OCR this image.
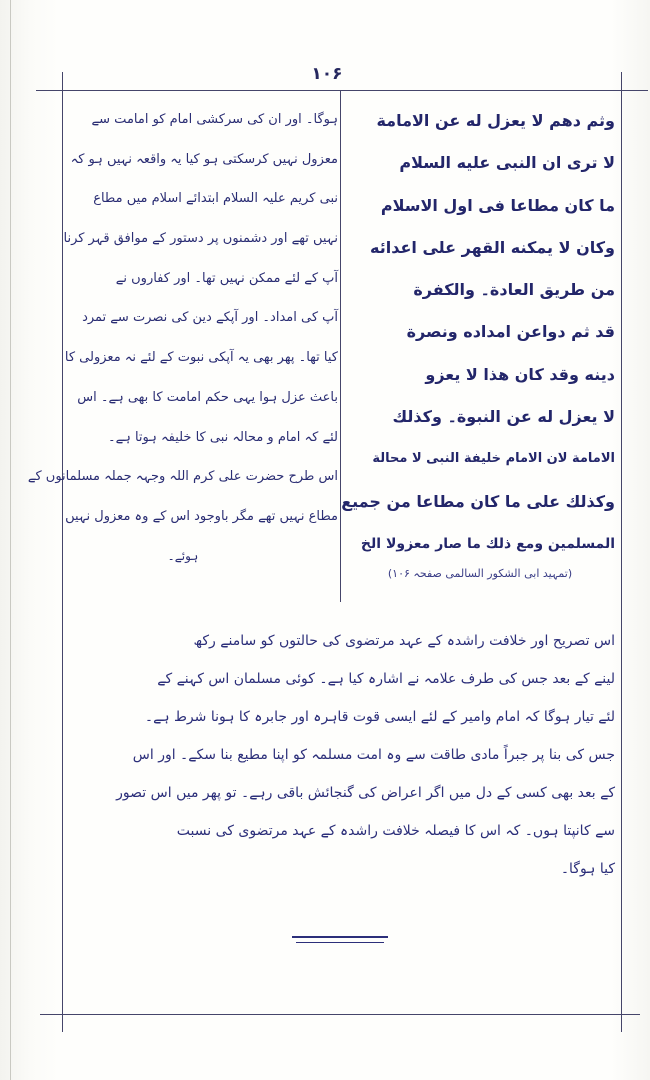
۱۰۶
وثم دهم لا یعزل له عن الامامة
لا تری ان النبی علیه السلام
ما کان مطاعا فی اول الاسلام
وکان لا یمکنه القهر علی اعدائه
من طریق العادة۔ والکفرة
قد ثم دواعن امداده ونصرة
دینه وقد کان هذا لا یعزو
لا یعزل له عن النبوة۔ وکذلك
الامامة لان الامام خلیفة النبی لا محالة
وکذلك علی ما کان مطاعا من جمیع
المسلمین ومع ذلك ما صار معزولا الخ
(تمہید ابی الشکور السالمی صفحہ ۱۰۶)
ہوگا۔ اور ان کی سرکشی امام کو امامت سے
معزول نہیں کرسکتی ہو کیا یہ واقعہ نہیں ہو کہ
نبی کریم علیہ السلام ابتدائے اسلام میں مطاع
نہیں تھے اور دشمنوں پر دستور کے موافق قہر کرنا
آپ کے لئے ممکن نہیں تھا۔ اور کفاروں نے
آپ کی امداد۔ اور آپکے دین کی نصرت سے تمرد
کیا تھا۔ پھر بھی یہ آپکی نبوت کے لئے نہ معزولی کا
باعث عزل ہوا یہی حکم امامت کا بھی ہے۔ اس
لئے کہ امام و محالہ نبی کا خلیفہ ہوتا ہے۔
اس طرح حضرت علی کرم اللہ وجہہ جملہ مسلمانوں کے
مطاع نہیں تھے مگر باوجود اس کے وہ معزول نہیں
ہوئے۔
اس تصریح اور خلافت راشدہ کے عہد مرتضوی کی حالتوں کو سامنے رکھ
لینے کے بعد جس کی طرف علامہ نے اشارہ کیا ہے۔ کوئی مسلمان اس کہنے کے
لئے تیار ہوگا کہ امام وامیر کے لئے ایسی قوت قاہرہ اور جابرہ کا ہونا شرط ہے۔
جس کی بنا پر جبراً مادی طاقت سے وہ امت مسلمہ کو اپنا مطیع بنا سکے۔ اور اس
کے بعد بھی کسی کے دل میں اگر اعراض کی گنجائش باقی رہے۔ تو پھر میں اس تصور
سے کانپتا ہوں۔ کہ اس کا فیصلہ خلافت راشدہ کے عہد مرتضوی کی نسبت
کیا ہوگا۔
